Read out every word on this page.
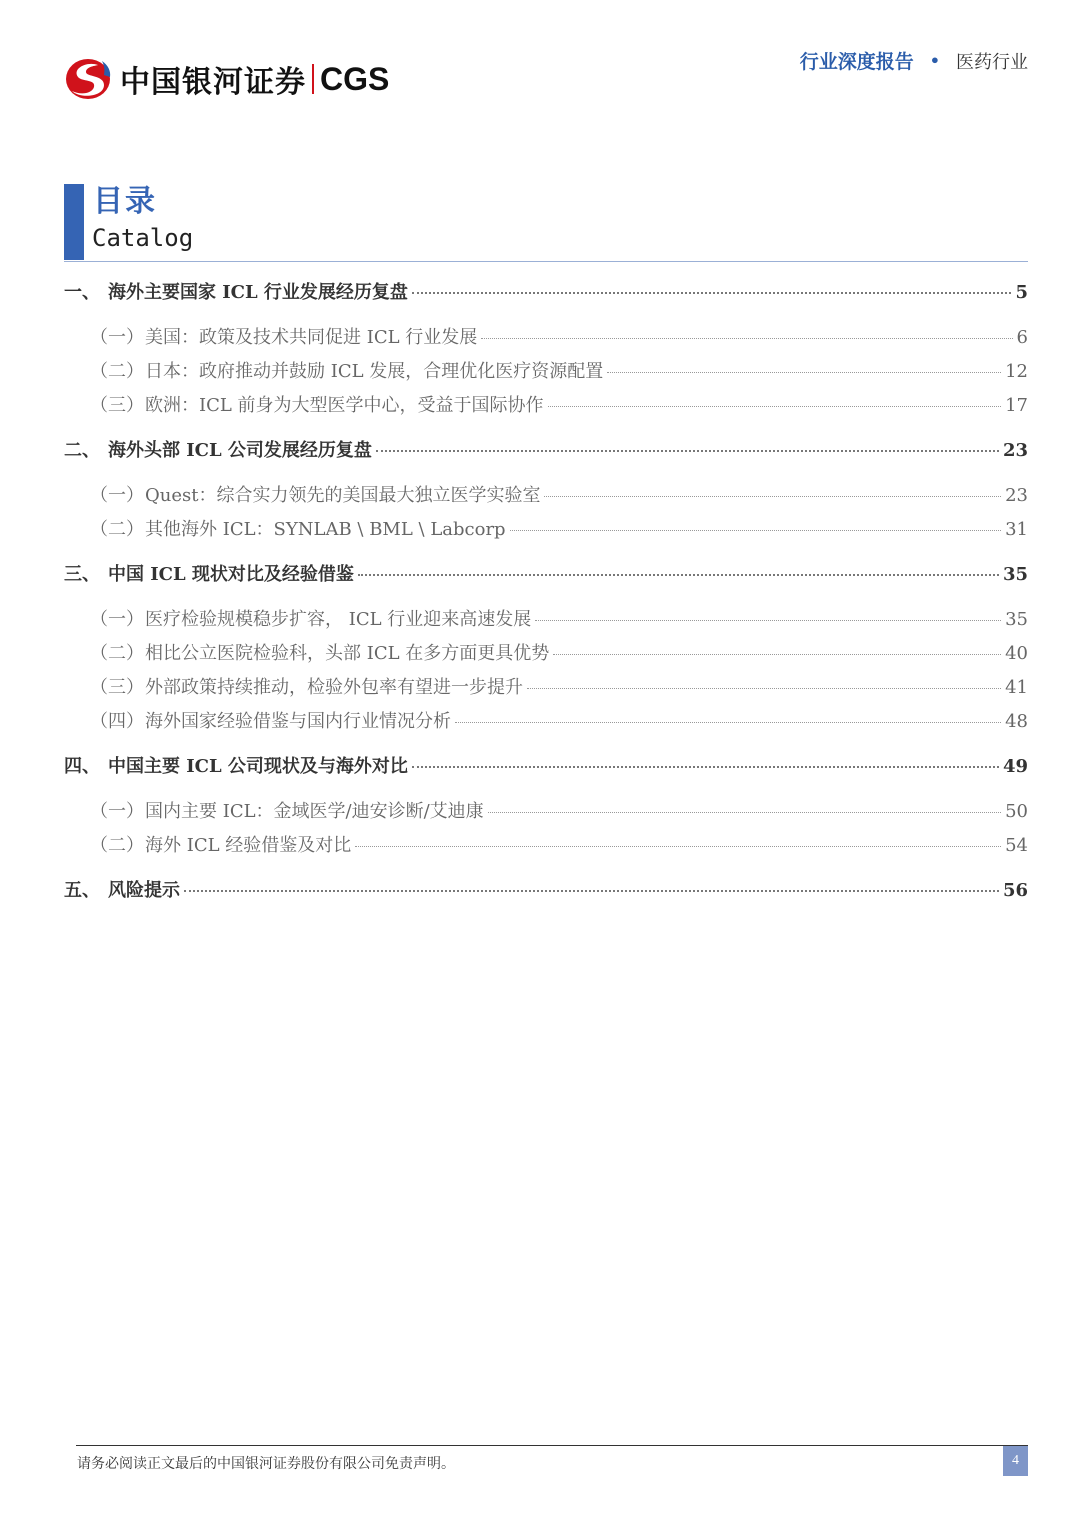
中国银河证券 CGS	行业深度报告 • 医药行业
目录
Catalog
一、 海外主要国家 ICL 行业发展经历复盘	5
（一） 美国：政策及技术共同促进 ICL 行业发展	6
（二） 日本：政府推动并鼓励 ICL 发展，合理优化医疗资源配置	12
（三） 欧洲：ICL 前身为大型医学中心，受益于国际协作	17
二、 海外头部 ICL 公司发展经历复盘	23
（一） Quest：综合实力领先的美国最大独立医学实验室	23
（二） 其他海外 ICL：SYNLAB \ BML \ Labcorp	31
三、 中国 ICL 现状对比及经验借鉴	35
（一） 医疗检验规模稳步扩容， ICL 行业迎来高速发展	35
（二） 相比公立医院检验科，头部 ICL 在多方面更具优势	40
（三） 外部政策持续推动，检验外包率有望进一步提升	41
（四） 海外国家经验借鉴与国内行业情况分析	48
四、 中国主要 ICL 公司现状及与海外对比	49
（一） 国内主要 ICL：金域医学/迪安诊断/艾迪康	50
（二） 海外 ICL 经验借鉴及对比	54
五、 风险提示	56
请务必阅读正文最后的中国银河证券股份有限公司免责声明。	4
